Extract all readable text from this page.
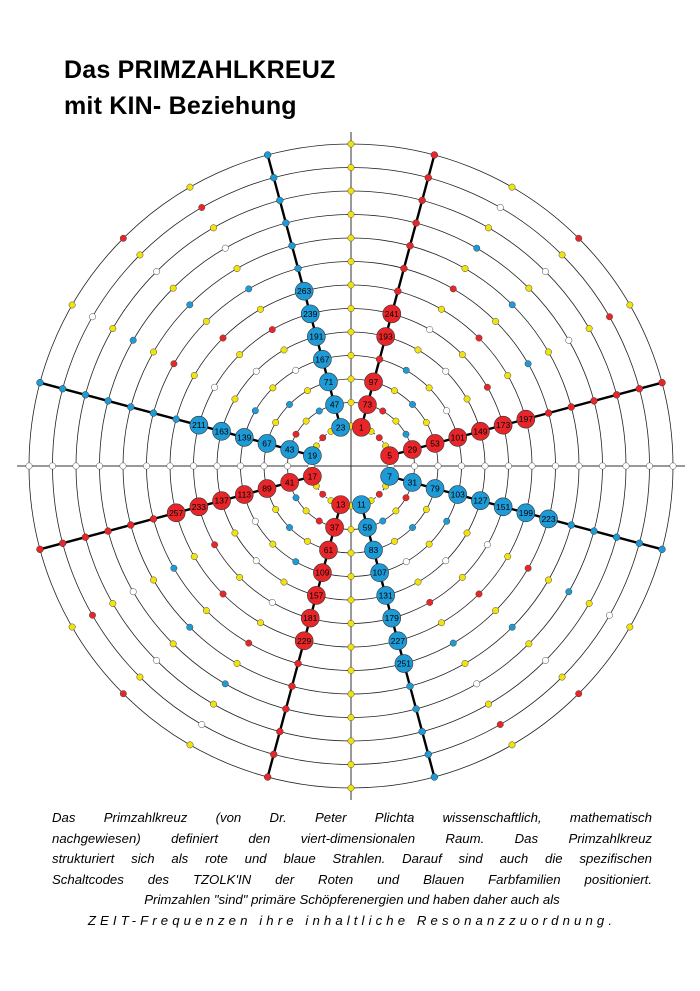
Das PRIMZAHLKREUZ
mit KIN- Beziehung
1
73
97
193
241
5
29
53
101
149
173
197
7
31
79
103
127
151
199
223
11
59
83
107
131
179
227
251
13
37
61
109
157
181
229
17
41
89
113
137
233
257
19
43
67
139
163
211	23
47
71
167
191
239
263
Das Primzahlkreuz (von Dr. Peter Plichta wissenschaftlich, mathematisch
nachgewiesen) definiert den viert-dimensionalen Raum. Das Primzahlkreuz
strukturiert sich als rote und blaue Strahlen. Darauf sind auch die spezifischen
Schaltcodes des TZOLK'IN der Roten und Blauen Farbfamilien positioniert.
Primzahlen "sind" primäre Schöpferenergien und haben daher auch als
ZEIT-Frequenzen ihre inhaltliche Resonanzzuordnung.
